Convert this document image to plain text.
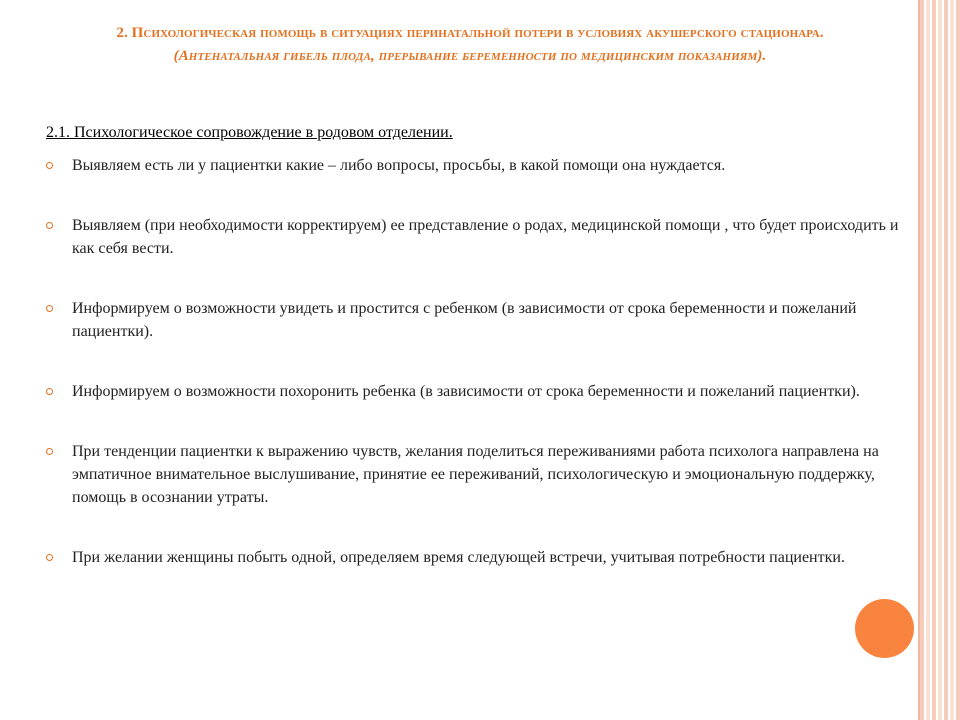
2. Психологическая помощь в ситуациях перинатальной потери в условиях акушерского стационара.
(Антенатальная гибель плода, прерывание беременности по медицинским показаниям).
2.1. Психологическое сопровождение в родовом отделении.
Выявляем есть ли у пациентки какие – либо вопросы, просьбы, в какой помощи она нуждается.
Выявляем (при необходимости корректируем) ее представление о родах, медицинской помощи , что будет происходить и как себя вести.
Информируем о возможности увидеть и простится с ребенком (в зависимости от срока беременности и пожеланий пациентки).
Информируем о возможности похоронить ребенка (в зависимости от срока беременности и пожеланий пациентки).
При тенденции пациентки к выражению чувств, желания поделиться переживаниями работа психолога направлена на эмпатичное внимательное выслушивание, принятие ее переживаний, психологическую и эмоциональную поддержку, помощь в осознании утраты.
При желании женщины побыть одной, определяем время следующей встречи, учитывая потребности пациентки.
